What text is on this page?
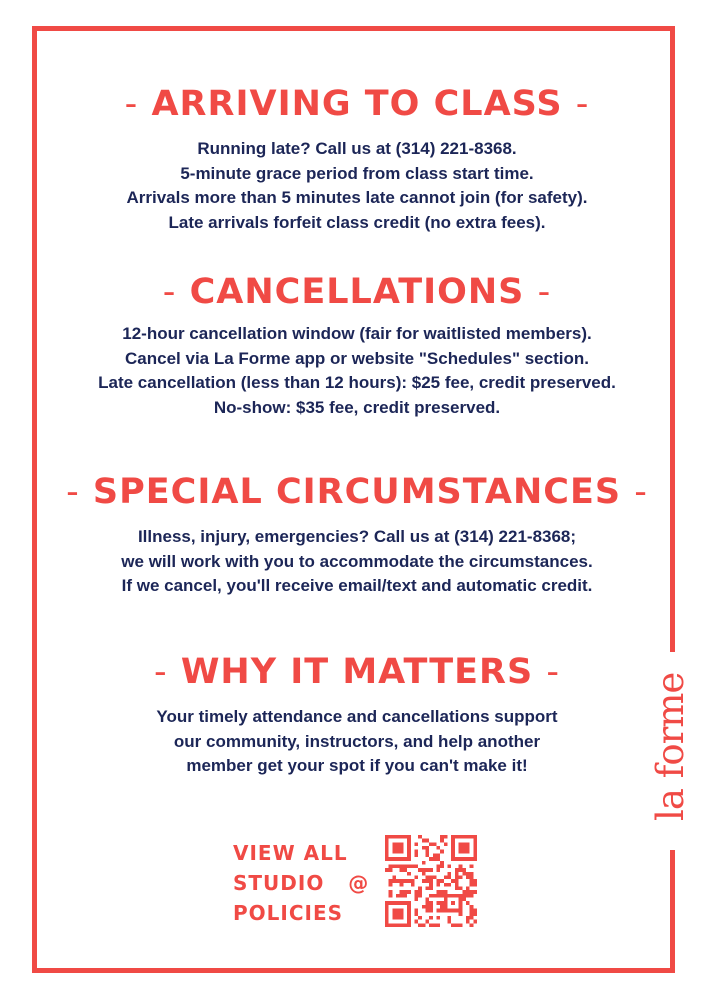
la forme
- ARRIVING TO CLASS -
Running late? Call us at (314) 221-8368.
5-minute grace period from class start time.
Arrivals more than 5 minutes late cannot join (for safety).
Late arrivals forfeit class credit (no extra fees).
- CANCELLATIONS -
12-hour cancellation window (fair for waitlisted members).
Cancel via La Forme app or website "Schedules" section.
Late cancellation (less than 12 hours): $25 fee, credit preserved.
No-show: $35 fee, credit preserved.
- SPECIAL CIRCUMSTANCES -
Illness, injury, emergencies? Call us at (314) 221-8368;
we will work with you to accommodate the circumstances.
If we cancel, you'll receive email/text and automatic credit.
- WHY IT MATTERS -
Your timely attendance and cancellations support
our community, instructors, and help another
member get your spot if you can't make it!
VIEW ALL
STUDIO   @
POLICIES
